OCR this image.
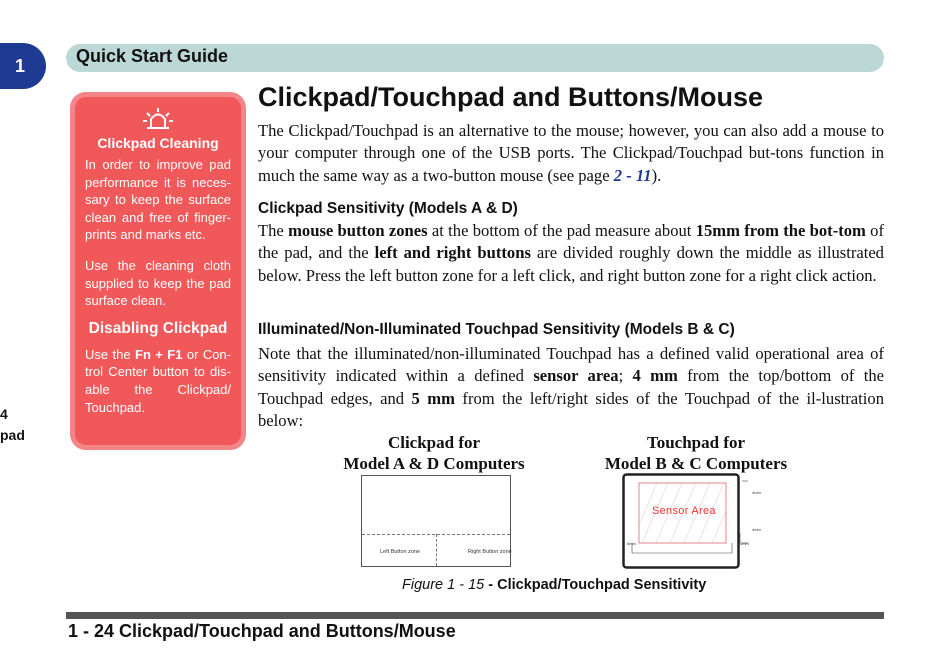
1	Quick Start Guide
4
pad
Clickpad Cleaning
In order to improve pad performance it is neces-sary to keep the surface clean and free of finger-prints and marks etc.
Use the cleaning cloth supplied to keep the pad surface clean.
Disabling Clickpad
Use the Fn + F1 or Con-trol Center button to dis-able the Clickpad/ Touchpad.
Clickpad/Touchpad and Buttons/Mouse
The Clickpad/Touchpad is an alternative to the mouse; however, you can also add a mouse to your computer through one of the USB ports. The Clickpad/Touchpad but-tons function in much the same way as a two-button mouse (see page 2 - 11).
Clickpad Sensitivity (Models A & D)
The mouse button zones at the bottom of the pad measure about 15mm from the bot-tom of the pad, and the left and right buttons are divided roughly down the middle as illustrated below. Press the left button zone for a left click, and right button zone for a right click action.
Illuminated/Non-Illuminated Touchpad Sensitivity (Models B & C)
Note that the illuminated/non-illuminated Touchpad has a defined valid operational area of sensitivity indicated within a defined sensor area; 4 mm from the top/bottom of the Touchpad edges, and 5 mm from the left/right sides of the Touchpad of the il-lustration below:
Clickpad for
Model A & D Computers
Touchpad for
Model B & C Computers
Left Button zone	Right Button zone
4mm
4mm
5mm	5mm
Sensor Area
Figure 1 - 15 - Clickpad/Touchpad Sensitivity
1 - 24 Clickpad/Touchpad and Buttons/Mouse
